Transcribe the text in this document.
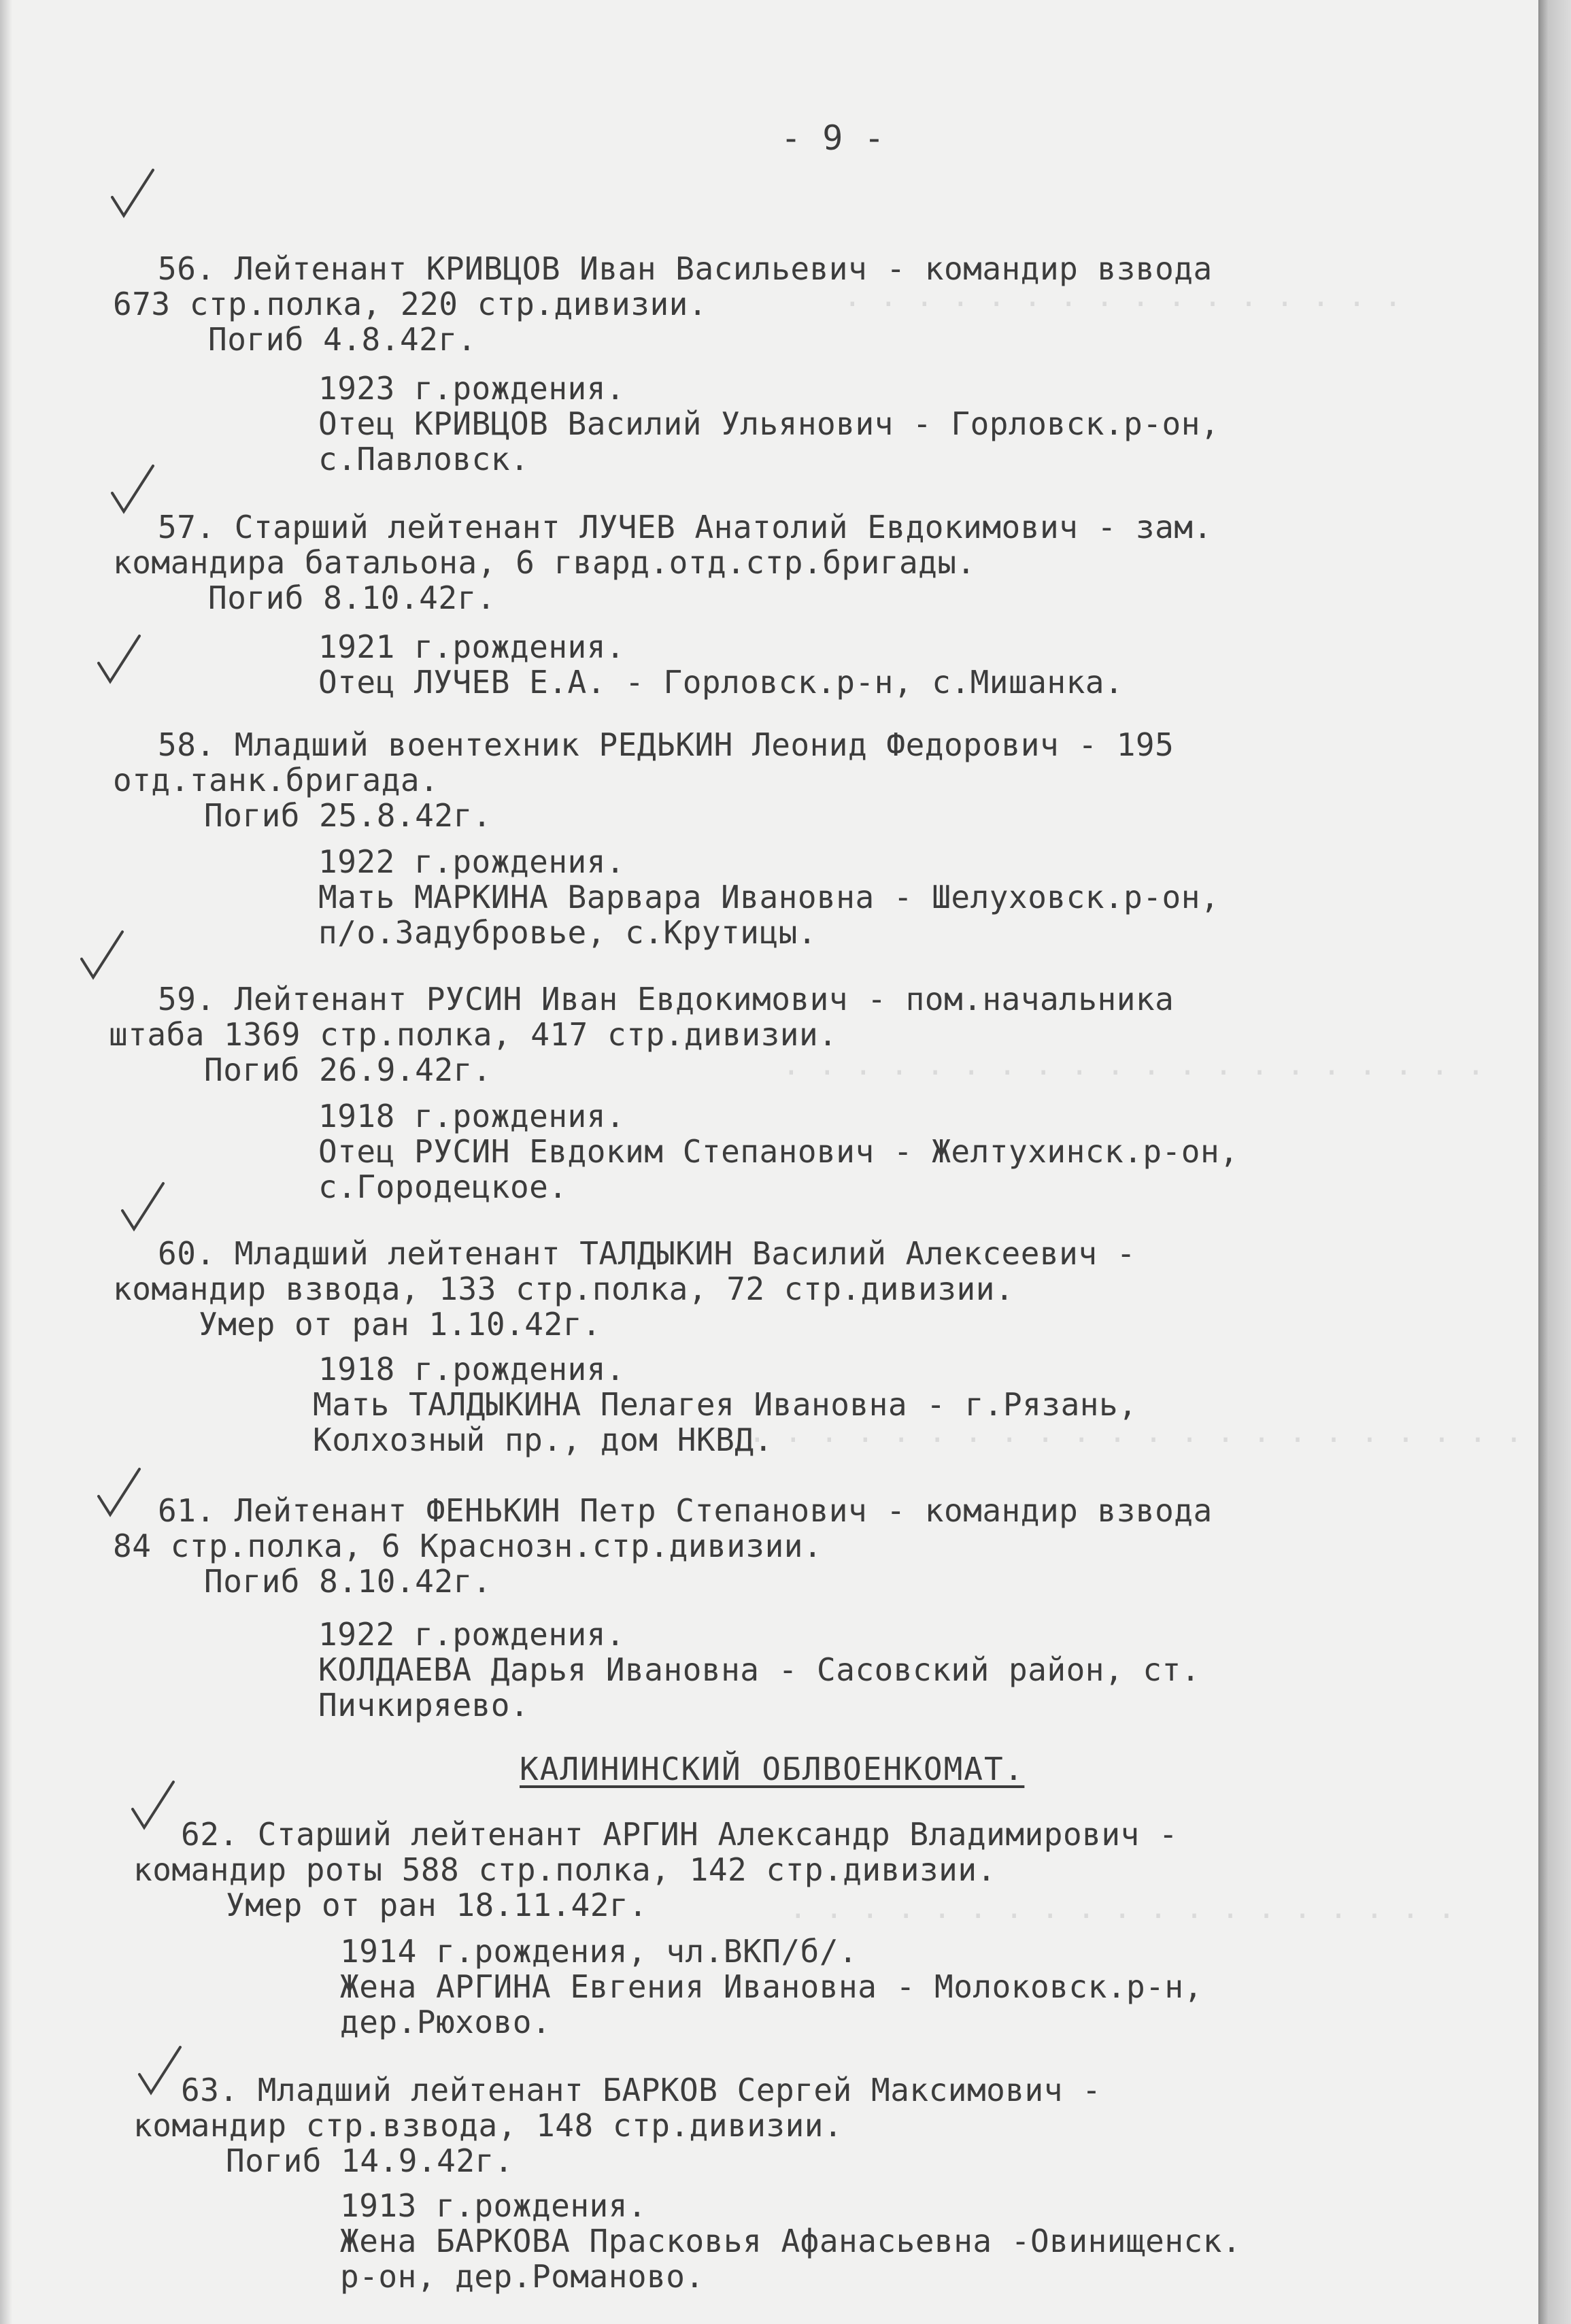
. . . . . . . . . . . . . . . .
. . . . . . . . . . . . . . . . . . . .
. . . . . . . . . . . . . . . . . . . . . .
. . . . . . . . . . . . . . . . . . .
- 9 -
56. Лейтенант КРИВЦОВ Иван Васильевич - командир взвода
673 стр.полка, 220 стр.дивизии.
Погиб 4.8.42г.
1923 г.рождения.
Отец КРИВЦОВ Василий Ульянович - Горловск.р-он,
с.Павловск.
57. Старший лейтенант ЛУЧЕВ Анатолий Евдокимович - зам.
командира батальона, 6 гвард.отд.стр.бригады.
Погиб 8.10.42г.
1921 г.рождения.
Отец ЛУЧЕВ Е.А. - Горловск.р-н, с.Мишанка.
58. Младший воентехник РЕДЬКИН Леонид Федорович - 195
отд.танк.бригада.
Погиб 25.8.42г.
1922 г.рождения.
Мать МАРКИНА Варвара Ивановна - Шелуховск.р-он,
п/о.Задубровье, с.Крутицы.
59. Лейтенант РУСИН Иван Евдокимович - пом.начальника
штаба 1369 стр.полка, 417 стр.дивизии.
Погиб 26.9.42г.
1918 г.рождения.
Отец РУСИН Евдоким Степанович - Желтухинск.р-он,
с.Городецкое.
60. Младший лейтенант ТАЛДЫКИН Василий Алексеевич -
командир взвода, 133 стр.полка, 72 стр.дивизии.
Умер от ран 1.10.42г.
1918 г.рождения.
Мать ТАЛДЫКИНА Пелагея Ивановна - г.Рязань,
Колхозный пр., дом НКВД.
61. Лейтенант ФЕНЬКИН Петр Степанович - командир взвода
84 стр.полка, 6 Краснозн.стр.дивизии.
Погиб 8.10.42г.
1922 г.рождения.
КОЛДАЕВА Дарья Ивановна - Сасовский район, ст.
Пичкиряево.
КАЛИНИНСКИЙ ОБЛВОЕНКОМАТ.
62. Старший лейтенант АРГИН Александр Владимирович -
командир роты 588 стр.полка, 142 стр.дивизии.
Умер от ран 18.11.42г.
1914 г.рождения, чл.ВКП/б/.
Жена АРГИНА Евгения Ивановна - Молоковск.р-н,
дер.Рюхово.
63. Младший лейтенант БАРКОВ Сергей Максимович -
командир стр.взвода, 148 стр.дивизии.
Погиб 14.9.42г.
1913 г.рождения.
Жена БАРКОВА Прасковья Афанасьевна -Овинищенск.
р-он, дер.Романово.
